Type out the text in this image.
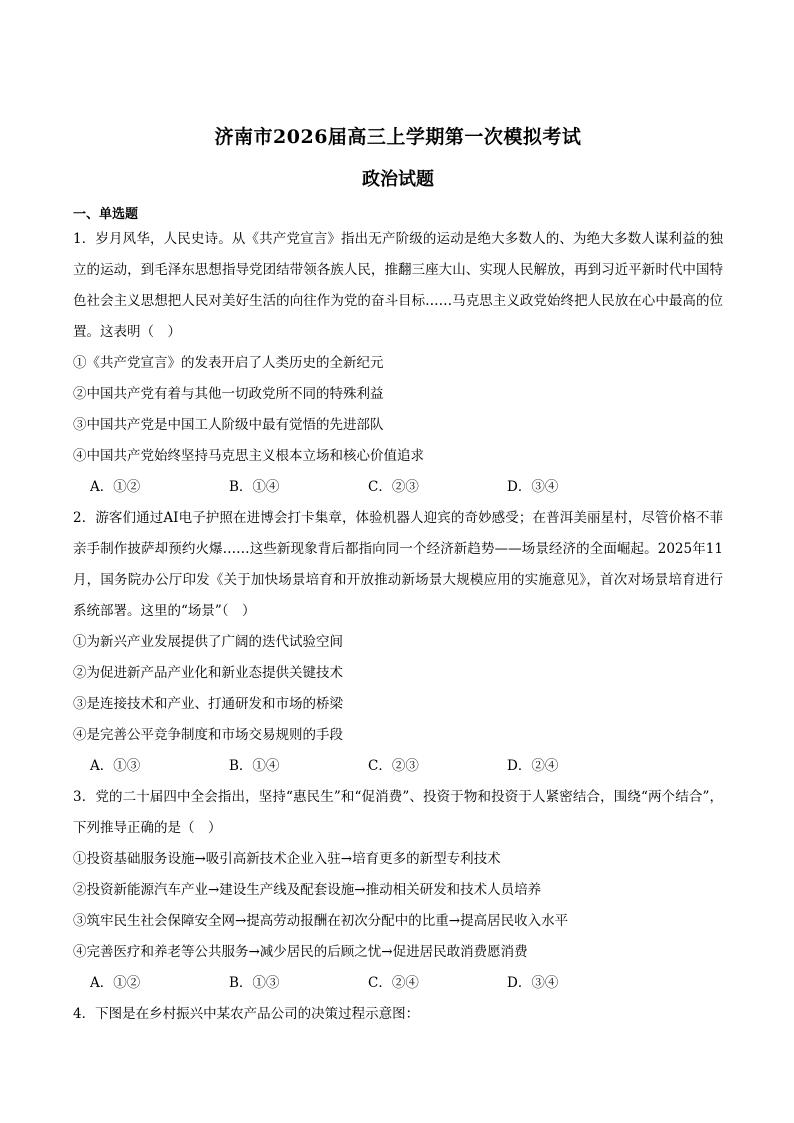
济南市2026届高三上学期第一次模拟考试
政治试题
一、单选题

1．岁月风华，人民史诗。从《共产党宣言》指出无产阶级的运动是绝大多数人的、为绝大多数人谋利益的独立的运动，到毛泽东思想指导党团结带领各族人民，推翻三座大山、实现人民解放，再到习近平新时代中国特色社会主义思想把人民对美好生活的向往作为党的奋斗目标……马克思主义政党始终把人民放在心中最高的位置。这表明（　）

①《共产党宣言》的发表开启了人类历史的全新纪元

②中国共产党有着与其他一切政党所不同的特殊利益

③中国共产党是中国工人阶级中最有觉悟的先进部队

④中国共产党始终坚持马克思主义根本立场和核心价值追求

A．①②	B．①④	C．②③	D．③④

2．游客们通过AI电子护照在进博会打卡集章，体验机器人迎宾的奇妙感受；在普洱美丽星村，尽管价格不菲亲手制作披萨却预约火爆……这些新现象背后都指向同一个经济新趋势——场景经济的全面崛起。2025年11月，国务院办公厅印发《关于加快场景培育和开放推动新场景大规模应用的实施意见》，首次对场景培育进行系统部署。这里的“场景”（　）

①为新兴产业发展提供了广阔的迭代试验空间

②为促进新产品产业化和新业态提供关键技术

③是连接技术和产业、打通研发和市场的桥梁

④是完善公平竞争制度和市场交易规则的手段

A．①③	B．①④	C．②③	D．②④

3．党的二十届四中全会指出，坚持“惠民生”和“促消费”、投资于物和投资于人紧密结合，围绕“两个结合”，下列推导正确的是（　）

①投资基础服务设施→吸引高新技术企业入驻→培育更多的新型专利技术

②投资新能源汽车产业→建设生产线及配套设施→推动相关研发和技术人员培养

③筑牢民生社会保障安全网→提高劳动报酬在初次分配中的比重→提高居民收入水平

④完善医疗和养老等公共服务→减少居民的后顾之忧→促进居民敢消费愿消费

A．①②	B．①③	C．②④	D．③④

4．下图是在乡村振兴中某农产品公司的决策过程示意图：
